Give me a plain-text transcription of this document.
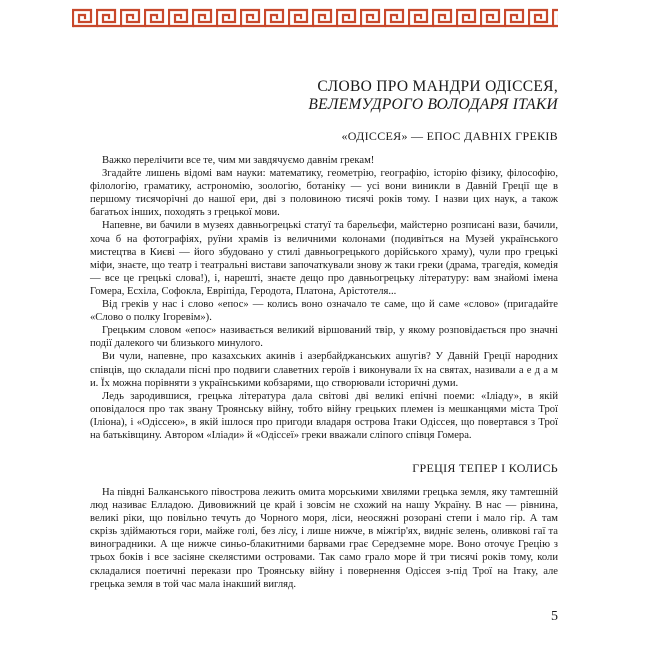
СЛОВО ПРО МАНДРИ ОДІССЕЯ,
ВЕЛЕМУДРОГО ВОЛОДАРЯ ІТАКИ
«ОДІССЕЯ» — ЕПОС ДАВНІХ ГРЕКІВ

Важко перелічити все те, чим ми завдячуємо давнім грекам!

Згадайте лишень відомі вам науки: математику, геометрію, географію, історію фізику, філософію, філологію, граматику, астрономію, зоологію, ботаніку — усі вони виникли в Давній Греції ще в першому тисячорічні до нашої ери, дві з половиною тисячі років тому. І назви цих наук, а також багатьох інших, походять з грецької мови.

Напевне, ви бачили в музеях давньогрецькі статуї та барельєфи, майстерно розписані вази, бачили, хоча б на фотографіях, руїни храмів із величними колонами (подивіться на Музей українського мистецтва в Києві — його збудовано у стилі давньогрецького дорійського храму), чули про грецькі міфи, знаєте, що театр і театральні вистави започаткували знову ж таки греки (драма, трагедія, комедія — все це грецькі слова!), і, нарешті, знаєте дещо про давньогрецьку літературу: вам знайомі імена Гомера, Есхіла, Софокла, Евріпіда, Геродота, Платона, Арістотеля...

Від греків у нас і слово «епос» — колись воно означало те саме, що й саме «слово» (пригадайте «Слово о полку Ігоревім»).

Грецьким словом «епос» називається великий віршований твір, у якому розповідається про значні події далекого чи близького минулого.

Ви чули, напевне, про казахських акинів і азербайджанських ашугів? У Давній Греції народних співців, що складали пісні про подвиги славетних героїв і виконували їх на святах, називали а е д а м и. Їх можна порівняти з українськими кобзарями, що створювали історичні думи.

Ледь зародившися, грецька література дала світові дві великі епічні поеми: «Іліаду», в якій оповідалося про так звану Троянську війну, тобто війну грецьких племен із мешканцями міста Трої (Іліона), і «Одіссею», в якій ішлося про пригоди владаря острова Ітаки Одіссея, що повертався з Трої на батьківщину. Автором «Іліади» й «Одіссеї» греки вважали сліпого співця Гомера.

ГРЕЦІЯ ТЕПЕР І КОЛИСЬ

На півдні Балканського півострова лежить омита морськими хвилями грецька земля, яку тамтешній люд називає Елладою. Дивовижний це край і зовсім не схожий на нашу Україну. В нас — рівнина, великі ріки, що повільно течуть до Чорного моря, ліси, неосяжні розорані степи і мало гір. А там скрізь здіймаються гори, майже голі, без лісу, і лише нижче, в міжгір'ях, видніє зелень, оливкові гаї та виноградники. А ще нижче синьо-блакитними барвами грає Середземне море. Воно оточує Грецію з трьох боків і все засіяне скелястими островами. Так само грало море й три тисячі років тому, коли складалися поетичні перекази про Троянську війну і повернення Одіссея з-під Трої на Ітаку, але грецька земля в той час мала інакший вигляд.

5
